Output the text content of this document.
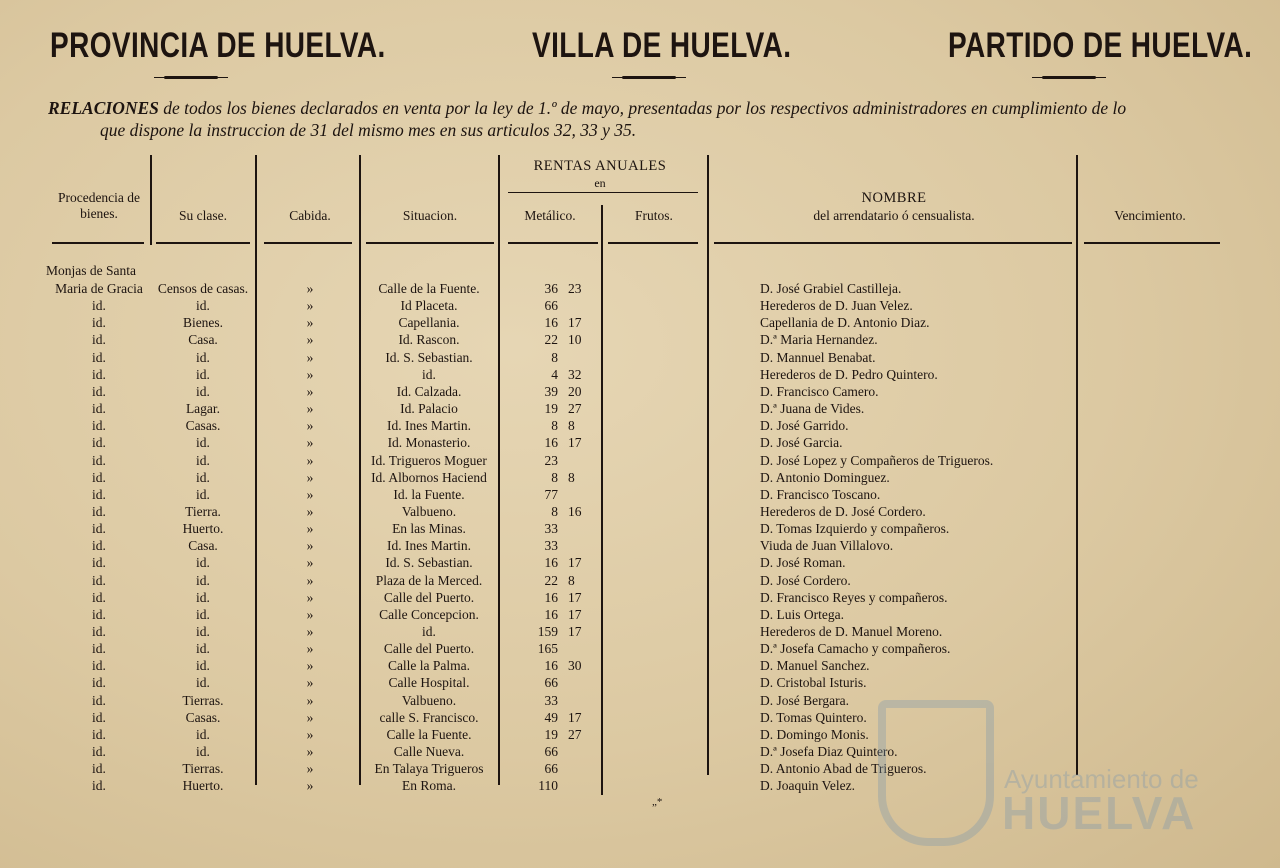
PROVINCIA DE HUELVA.	VILLA DE HUELVA.	PARTIDO DE HUELVA.
RELACIONES de todos los bienes declarados en venta por la ley de 1.º de mayo, presentadas por los respectivos administradores en cumplimiento de lo
que dispone la instruccion de 31 del mismo mes en sus articulos 32, 33 y 35.
Procedencia de bienes.	Su clase.	Cabida.	Situacion.
RENTAS ANUALES
en
Metálico.	Frutos.
NOMBRE
del arrendatario ó censualista.	Vencimiento.
Monjas de Santa
Maria de Gracia	Censos de casas.	»	Calle de la Fuente.	36 23	D. José Grabiel Castilleja.
id.	id.	»	Id Placeta.	66	Herederos de D. Juan Velez.
id.	Bienes.	»	Capellania.	16 17	Capellania de D. Antonio Diaz.
id.	Casa.	»	Id. Rascon.	22 10	D.ª Maria Hernandez.
id.	id.	»	Id. S. Sebastian.	8	D. Mannuel Benabat.
id.	id.	»	id.	4 32	Herederos de D. Pedro Quintero.
id.	id.	»	Id. Calzada.	39 20	D. Francisco Camero.
id.	Lagar.	»	Id. Palacio	19 27	D.ª Juana de Vides.
id.	Casas.	»	Id. Ines Martin.	8 8	D. José Garrido.
id.	id.	»	Id. Monasterio.	16 17	D. José Garcia.
id.	id.	»	Id. Trigueros Moguer	23	D. José Lopez y Compañeros de Trigueros.
id.	id.	»	Id. Albornos Haciend	8 8	D. Antonio Dominguez.
id.	id.	»	Id. la Fuente.	77	D. Francisco Toscano.
id.	Tierra.	»	Valbueno.	8 16	Herederos de D. José Cordero.
id.	Huerto.	»	En las Minas.	33	D. Tomas Izquierdo y compañeros.
id.	Casa.	»	Id. Ines Martin.	33	Viuda de Juan Villalovo.
id.	id.	»	Id. S. Sebastian.	16 17	D. José Roman.
id.	id.	»	Plaza de la Merced.	22 8	D. José Cordero.
id.	id.	»	Calle del Puerto.	16 17	D. Francisco Reyes y compañeros.
id.	id.	»	Calle Concepcion.	16 17	D. Luis Ortega.
id.	id.	»	id.	159 17	Herederos de D. Manuel Moreno.
id.	id.	»	Calle del Puerto.	165	D.ª Josefa Camacho y compañeros.
id.	id.	»	Calle la Palma.	16 30	D. Manuel Sanchez.
id.	id.	»	Calle Hospital.	66	D. Cristobal Isturis.
id.	Tierras.	»	Valbueno.	33	D. José Bergara.
id.	Casas.	»	calle S. Francisco.	49 17	D. Tomas Quintero.
id.	id.	»	Calle la Fuente.	19 27	D. Domingo Monis.
id.	id.	»	Calle Nueva.	66	D.ª Josefa Diaz Quintero.
id.	Tierras.	»	En Talaya Trigueros	66	D. Antonio Abad de Trigueros.
id.	Huerto.	»	En Roma.	110	D. Joaquin Velez.
„*
Ayuntamiento de
HUELVA
